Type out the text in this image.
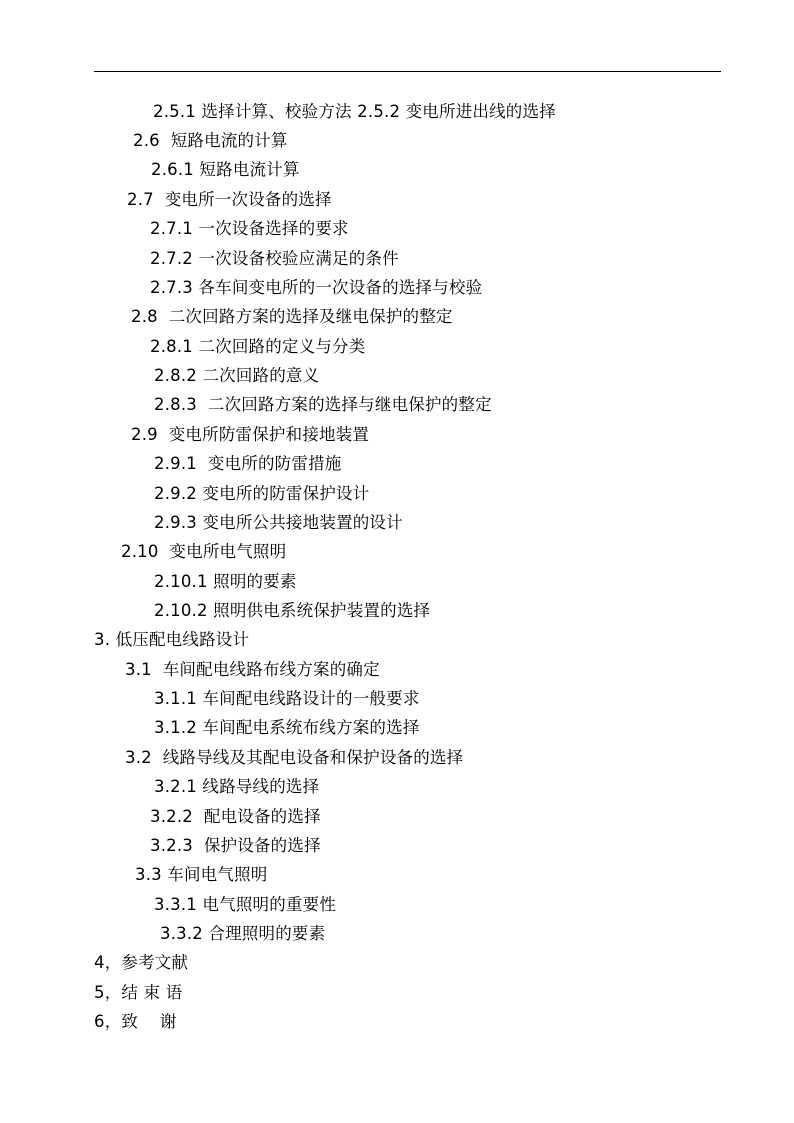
2.5.1 选择计算、校验方法 2.5.2 变电所进出线的选择
2.6  短路电流的计算
2.6.1 短路电流计算
2.7  变电所一次设备的选择
2.7.1 一次设备选择的要求
2.7.2 一次设备校验应满足的条件
2.7.3 各车间变电所的一次设备的选择与校验
2.8  二次回路方案的选择及继电保护的整定
2.8.1 二次回路的定义与分类
2.8.2 二次回路的意义
2.8.3  二次回路方案的选择与继电保护的整定
2.9  变电所防雷保护和接地装置
2.9.1  变电所的防雷措施
2.9.2 变电所的防雷保护设计
2.9.3 变电所公共接地装置的设计
2.10  变电所电气照明
2.10.1 照明的要素
2.10.2 照明供电系统保护装置的选择
3. 低压配电线路设计
3.1  车间配电线路布线方案的确定
3.1.1 车间配电线路设计的一般要求
3.1.2 车间配电系统布线方案的选择
3.2  线路导线及其配电设备和保护设备的选择
3.2.1 线路导线的选择
3.2.2  配电设备的选择
3.2.3  保护设备的选择
3.3 车间电气照明
3.3.1 电气照明的重要性
3.3.2 合理照明的要素
4，参考文献
5，结 束 语
6，致    谢
